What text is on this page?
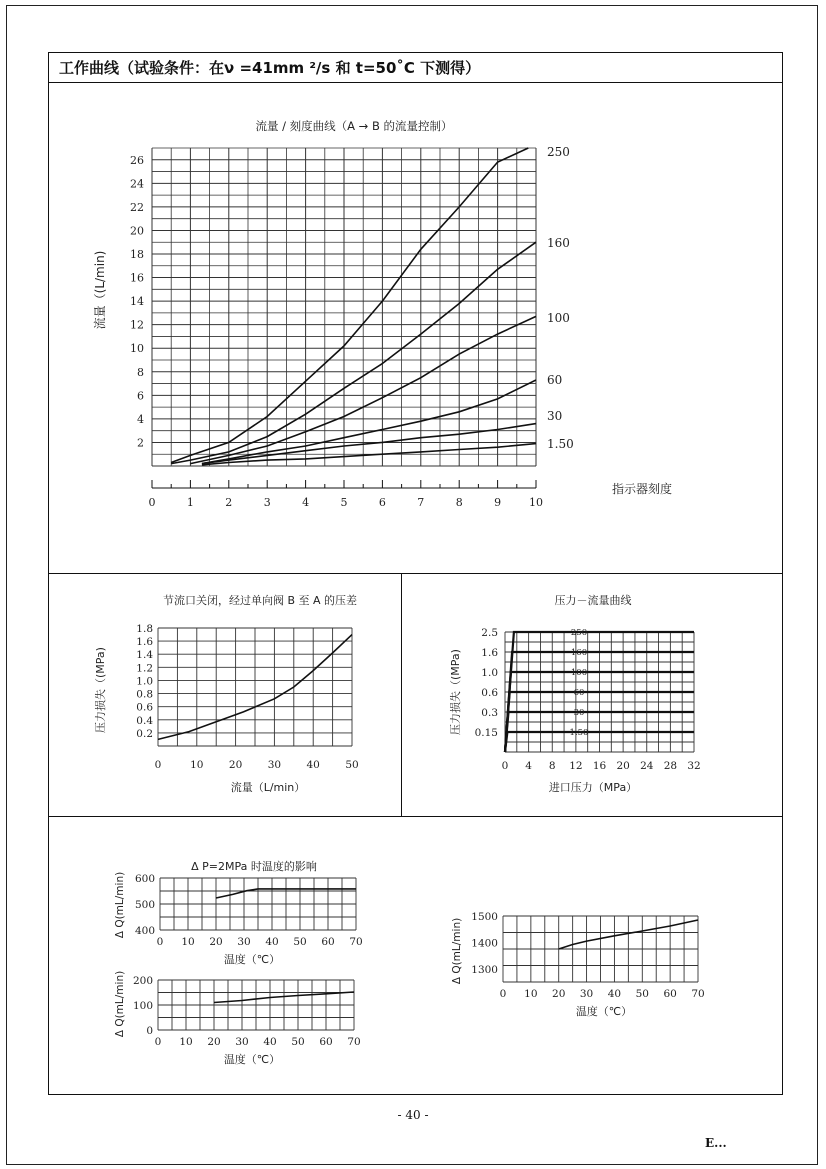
工作曲线（试验条件：在ν =41mm ²/s 和 t=50˚C 下测得）
流量 / 刻度曲线（A → B 的流量控制）
2
4
6
8
10
12
14
16
18
20
22
24
26
0	1	2	3	4	5	6	7	8	9	10
指示器刻度
流量（(L/min)
250
160
100
60
30
1.50
节流口关闭，经过单向阀 B 至 A 的压差
0.2
0.4
0.6
0.8
1.0
1.2
1.4
1.6
1.8
0	10 20 30 40 50
流量（L/min）
压力损失（(MPa)
压力－流量曲线
0.15
0.3
0.6
1.0
1.6
2.5
0 4 8 12 16 20 24 28 32
进口压力（MPa）
压力损失（(MPa)
250
160
100
60
30
1.50
Δ P=2MPa 时温度的影响
400
500
600
0 10 20 30 40 50 60 70
温度（℃）
Δ Q(mL/min)
0
100
200
0 10 20 30 40 50 60 70
温度（℃）
Δ Q(mL/min)
1300
1400
1500
0 10 20 30 40 50 60 70
温度（℃）
Δ Q(mL/min)
- 40 -
E...
